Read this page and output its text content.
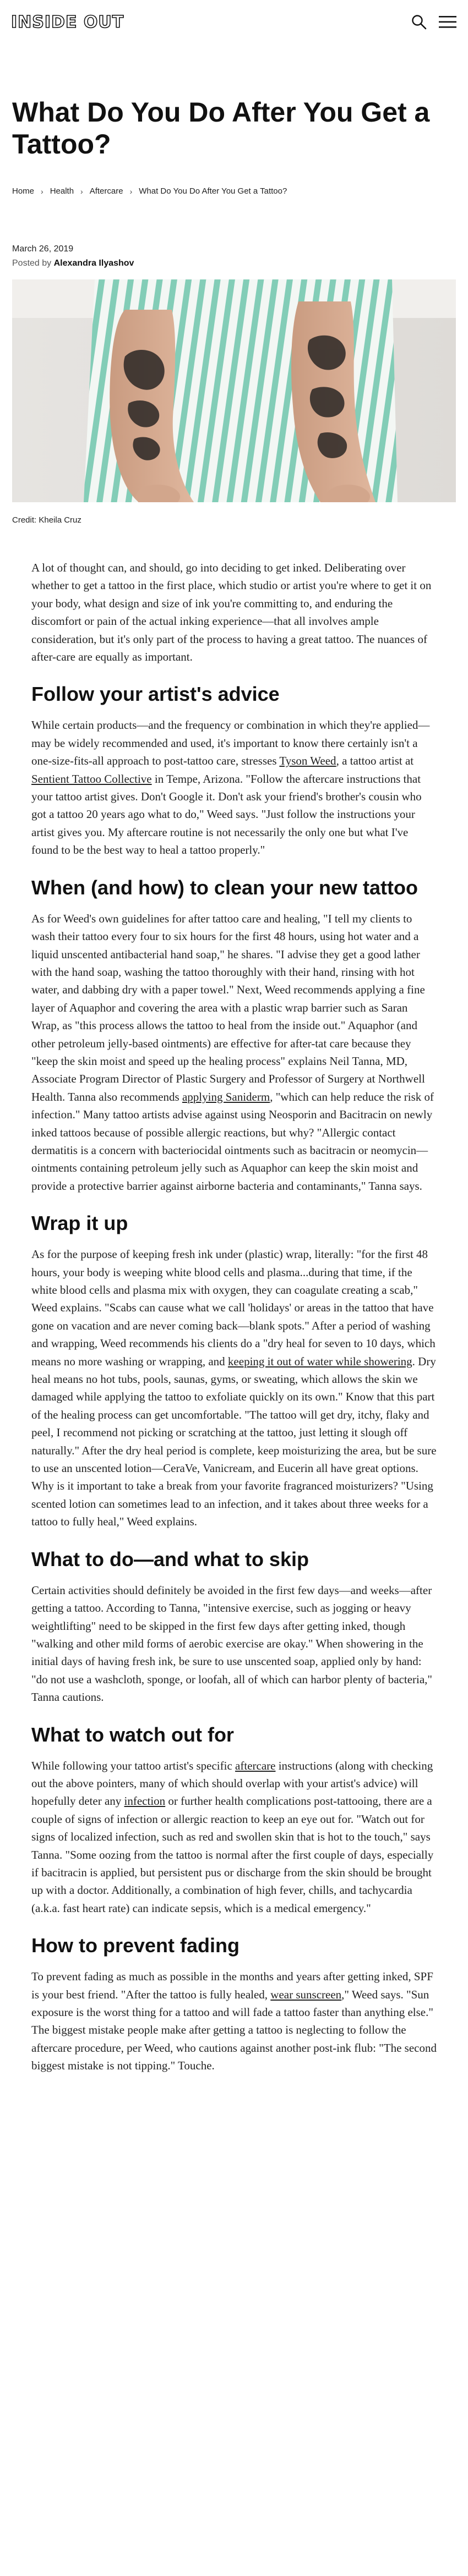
INSIDE OUT
What Do You Do After You Get a Tattoo?
Home › Health › Aftercare › What Do You Do After You Get a Tattoo?
March 26, 2019
Posted by Alexandra Ilyashov
Credit: Kheila Cruz

A lot of thought can, and should, go into deciding to get inked. Deliberating over whether to get a tattoo in the first place, which studio or artist you're where to get it on your body, what design and size of ink you're committing to, and enduring the discomfort or pain of the actual inking experience—that all involves ample consideration, but it's only part of the process to having a great tattoo. The nuances of after-care are equally as important.

Follow your artist's advice

While certain products—and the frequency or combination in which they're applied—may be widely recommended and used, it's important to know there certainly isn't a one-size-fits-all approach to post-tattoo care, stresses Tyson Weed, a tattoo artist at Sentient Tattoo Collective in Tempe, Arizona. "Follow the aftercare instructions that your tattoo artist gives. Don't Google it. Don't ask your friend's brother's cousin who got a tattoo 20 years ago what to do," Weed says. "Just follow the instructions your artist gives you. My aftercare routine is not necessarily the only one but what I've found to be the best way to heal a tattoo properly."

When (and how) to clean your new tattoo

As for Weed's own guidelines for after tattoo care and healing, "I tell my clients to wash their tattoo every four to six hours for the first 48 hours, using hot water and a liquid unscented antibacterial hand soap," he shares. "I advise they get a good lather with the hand soap, washing the tattoo thoroughly with their hand, rinsing with hot water, and dabbing dry with a paper towel." Next, Weed recommends applying a fine layer of Aquaphor and covering the area with a plastic wrap barrier such as Saran Wrap, as "this process allows the tattoo to heal from the inside out." Aquaphor (and other petroleum jelly-based ointments) are effective for after-tat care because they "keep the skin moist and speed up the healing process" explains Neil Tanna, MD, Associate Program Director of Plastic Surgery and Professor of Surgery at Northwell Health. Tanna also recommends applying Saniderm, "which can help reduce the risk of infection." Many tattoo artists advise against using Neosporin and Bacitracin on newly inked tattoos because of possible allergic reactions, but why? "Allergic contact dermatitis is a concern with bacteriocidal ointments such as bacitracin or neomycin—ointments containing petroleum jelly such as Aquaphor can keep the skin moist and provide a protective barrier against airborne bacteria and contaminants," Tanna says.

Wrap it up

As for the purpose of keeping fresh ink under (plastic) wrap, literally: "for the first 48 hours, your body is weeping white blood cells and plasma...during that time, if the white blood cells and plasma mix with oxygen, they can coagulate creating a scab," Weed explains. "Scabs can cause what we call 'holidays' or areas in the tattoo that have gone on vacation and are never coming back—blank spots." After a period of washing and wrapping, Weed recommends his clients do a "dry heal for seven to 10 days, which means no more washing or wrapping, and keeping it out of water while showering. Dry heal means no hot tubs, pools, saunas, gyms, or sweating, which allows the skin we damaged while applying the tattoo to exfoliate quickly on its own." Know that this part of the healing process can get uncomfortable. "The tattoo will get dry, itchy, flaky and peel, I recommend not picking or scratching at the tattoo, just letting it slough off naturally." After the dry heal period is complete, keep moisturizing the area, but be sure to use an unscented lotion—CeraVe, Vanicream, and Eucerin all have great options. Why is it important to take a break from your favorite fragranced moisturizers? "Using scented lotion can sometimes lead to an infection, and it takes about three weeks for a tattoo to fully heal," Weed explains.

What to do—and what to skip

Certain activities should definitely be avoided in the first few days—and weeks—after getting a tattoo. According to Tanna, "intensive exercise, such as jogging or heavy weightlifting" need to be skipped in the first few days after getting inked, though "walking and other mild forms of aerobic exercise are okay." When showering in the initial days of having fresh ink, be sure to use unscented soap, applied only by hand: "do not use a washcloth, sponge, or loofah, all of which can harbor plenty of bacteria," Tanna cautions.

What to watch out for

While following your tattoo artist's specific aftercare instructions (along with checking out the above pointers, many of which should overlap with your artist's advice) will hopefully deter any infection or further health complications post-tattooing, there are a couple of signs of infection or allergic reaction to keep an eye out for. "Watch out for signs of localized infection, such as red and swollen skin that is hot to the touch," says Tanna. "Some oozing from the tattoo is normal after the first couple of days, especially if bacitracin is applied, but persistent pus or discharge from the skin should be brought up with a doctor. Additionally, a combination of high fever, chills, and tachycardia (a.k.a. fast heart rate) can indicate sepsis, which is a medical emergency."

How to prevent fading

To prevent fading as much as possible in the months and years after getting inked, SPF is your best friend. "After the tattoo is fully healed, wear sunscreen," Weed says. "Sun exposure is the worst thing for a tattoo and will fade a tattoo faster than anything else." The biggest mistake people make after getting a tattoo is neglecting to follow the aftercare procedure, per Weed, who cautions against another post-ink flub: "The second biggest mistake is not tipping." Touche.
